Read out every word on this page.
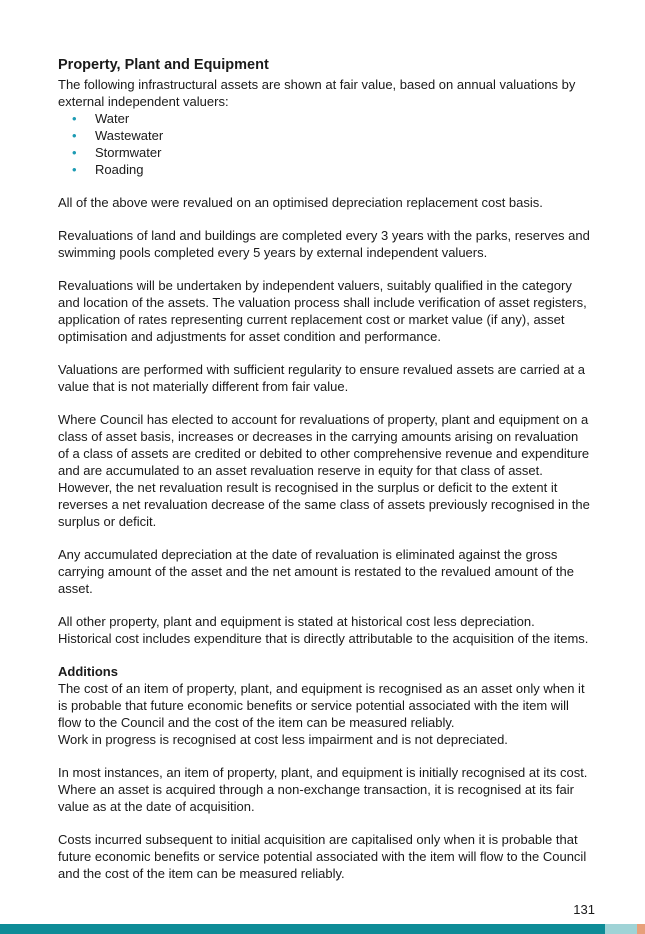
Property, Plant and Equipment

The following infrastructural assets are shown at fair value, based on annual valuations by external independent valuers:

• Water
• Wastewater
• Stormwater
• Roading

All of the above were revalued on an optimised depreciation replacement cost basis.

Revaluations of land and buildings are completed every 3 years with the parks, reserves and swimming pools completed every 5 years by external independent valuers.

Revaluations will be undertaken by independent valuers, suitably qualified in the category and location of the assets. The valuation process shall include verification of asset registers, application of rates representing current replacement cost or market value (if any), asset optimisation and adjustments for asset condition and performance.

Valuations are performed with sufficient regularity to ensure revalued assets are carried at a value that is not materially different from fair value.

Where Council has elected to account for revaluations of property, plant and equipment on a class of asset basis, increases or decreases in the carrying amounts arising on revaluation of a class of assets are credited or debited to other comprehensive revenue and expenditure and are accumulated to an asset revaluation reserve in equity for that class of asset. However, the net revaluation result is recognised in the surplus or deficit to the extent it reverses a net revaluation decrease of the same class of assets previously recognised in the surplus or deficit.

Any accumulated depreciation at the date of revaluation is eliminated against the gross carrying amount of the asset and the net amount is restated to the revalued amount of the asset.

All other property, plant and equipment is stated at historical cost less depreciation. Historical cost includes expenditure that is directly attributable to the acquisition of the items.

Additions

The cost of an item of property, plant, and equipment is recognised as an asset only when it is probable that future economic benefits or service potential associated with the item will flow to the Council and the cost of the item can be measured reliably.

Work in progress is recognised at cost less impairment and is not depreciated.

In most instances, an item of property, plant, and equipment is initially recognised at its cost. Where an asset is acquired through a non-exchange transaction, it is recognised at its fair value as at the date of acquisition.

Costs incurred subsequent to initial acquisition are capitalised only when it is probable that future economic benefits or service potential associated with the item will flow to the Council and the cost of the item can be measured reliably.

131
